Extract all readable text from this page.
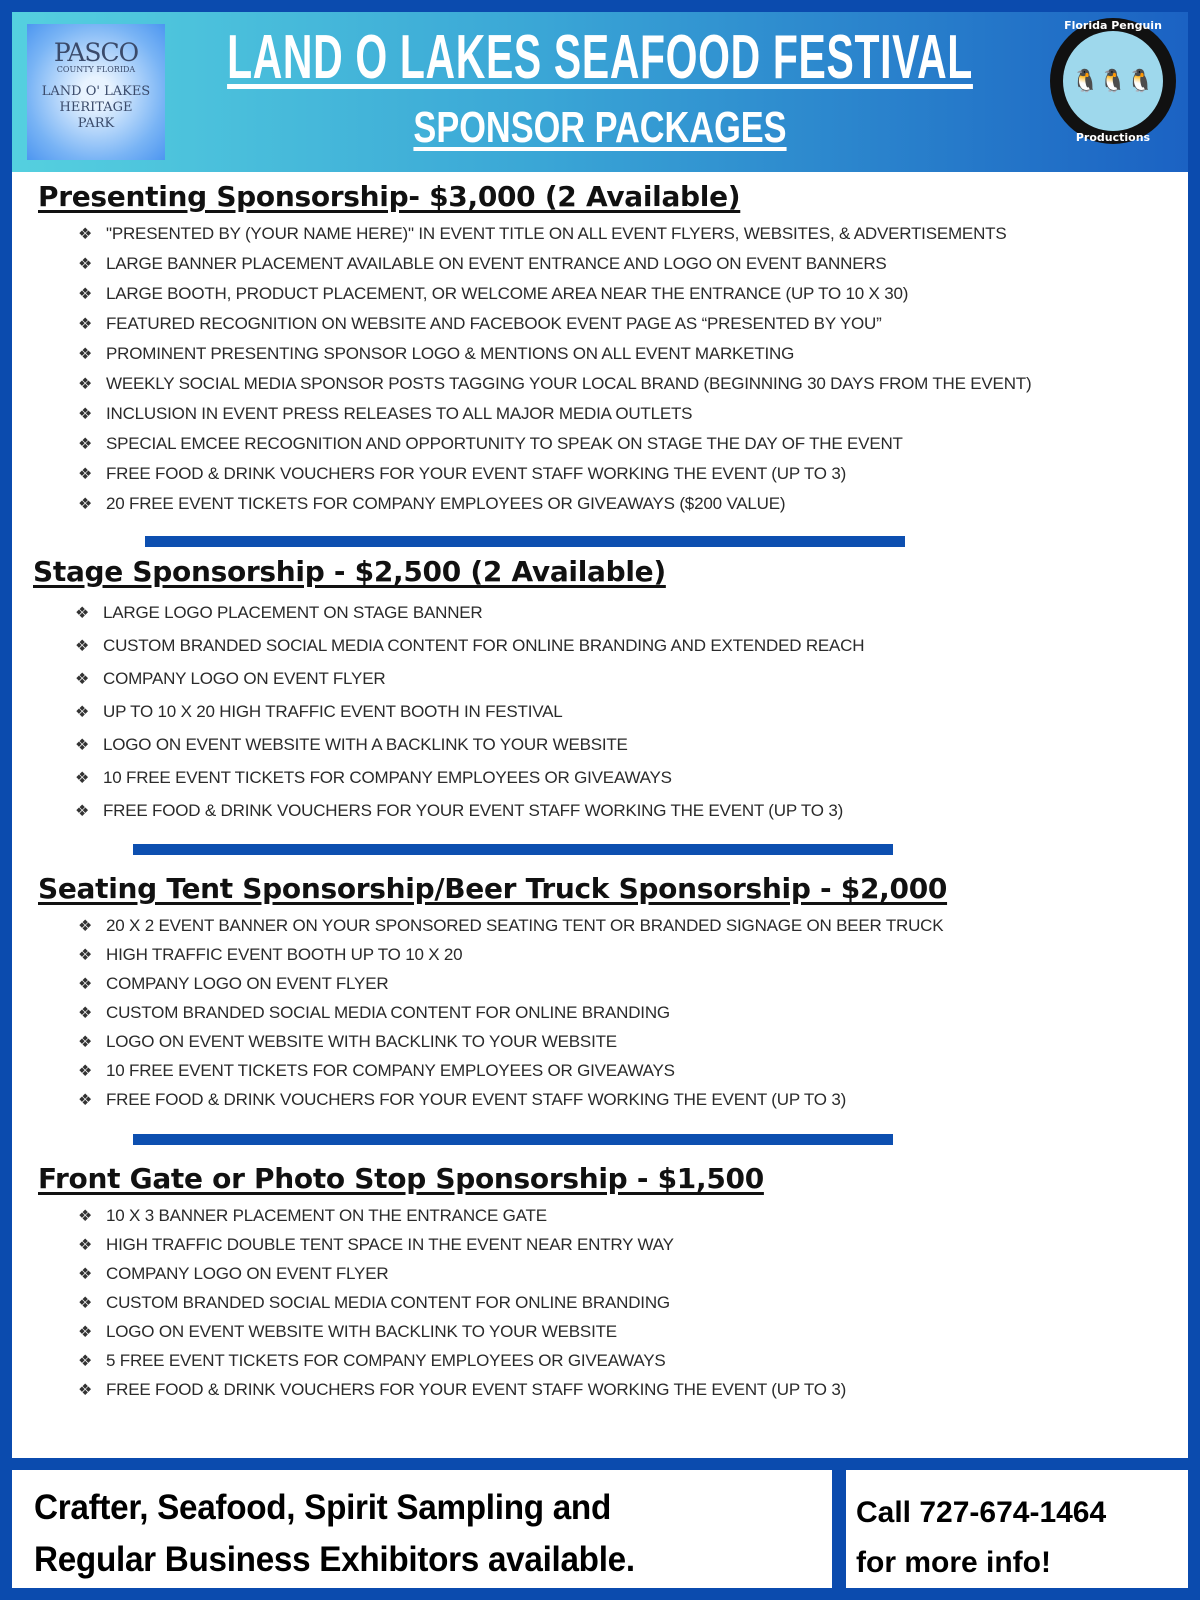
PASCO
COUNTY FLORIDA
LAND O' LAKES
HERITAGE
PARK
LAND O LAKES SEAFOOD FESTIVAL
SPONSOR PACKAGES
Florida Penguin
🐧🐧🐧
Productions
Presenting Sponsorship- $3,000 (2 Available)
❖ "PRESENTED BY (YOUR NAME HERE)" IN EVENT TITLE ON ALL EVENT FLYERS, WEBSITES, & ADVERTISEMENTS
❖ LARGE BANNER PLACEMENT AVAILABLE ON EVENT ENTRANCE AND LOGO ON EVENT BANNERS
❖ LARGE BOOTH, PRODUCT PLACEMENT, OR WELCOME AREA NEAR THE ENTRANCE (UP TO 10 X 30)
❖ FEATURED RECOGNITION ON WEBSITE AND FACEBOOK EVENT PAGE AS “PRESENTED BY YOU”
❖ PROMINENT PRESENTING SPONSOR LOGO & MENTIONS ON ALL EVENT MARKETING
❖ WEEKLY SOCIAL MEDIA SPONSOR POSTS TAGGING YOUR LOCAL BRAND (BEGINNING 30 DAYS FROM THE EVENT)
❖ INCLUSION IN EVENT PRESS RELEASES TO ALL MAJOR MEDIA OUTLETS
❖ SPECIAL EMCEE RECOGNITION AND OPPORTUNITY TO SPEAK ON STAGE THE DAY OF THE EVENT
❖ FREE FOOD & DRINK VOUCHERS FOR YOUR EVENT STAFF WORKING THE EVENT (UP TO 3)
❖ 20 FREE EVENT TICKETS FOR COMPANY EMPLOYEES OR GIVEAWAYS ($200 VALUE)
Stage Sponsorship - $2,500 (2 Available)
❖ LARGE LOGO PLACEMENT ON STAGE BANNER
❖ CUSTOM BRANDED SOCIAL MEDIA CONTENT FOR ONLINE BRANDING AND EXTENDED REACH
❖ COMPANY LOGO ON EVENT FLYER
❖ UP TO 10 X 20 HIGH TRAFFIC EVENT BOOTH IN FESTIVAL
❖ LOGO ON EVENT WEBSITE WITH A BACKLINK TO YOUR WEBSITE
❖ 10 FREE EVENT TICKETS FOR COMPANY EMPLOYEES OR GIVEAWAYS
❖ FREE FOOD & DRINK VOUCHERS FOR YOUR EVENT STAFF WORKING THE EVENT (UP TO 3)
Seating Tent Sponsorship/Beer Truck Sponsorship - $2,000
❖ 20 X 2 EVENT BANNER ON YOUR SPONSORED SEATING TENT OR BRANDED SIGNAGE ON BEER TRUCK
❖ HIGH TRAFFIC EVENT BOOTH UP TO 10 X 20
❖ COMPANY LOGO ON EVENT FLYER
❖ CUSTOM BRANDED SOCIAL MEDIA CONTENT FOR ONLINE BRANDING
❖ LOGO ON EVENT WEBSITE WITH BACKLINK TO YOUR WEBSITE
❖ 10 FREE EVENT TICKETS FOR COMPANY EMPLOYEES OR GIVEAWAYS
❖ FREE FOOD & DRINK VOUCHERS FOR YOUR EVENT STAFF WORKING THE EVENT (UP TO 3)
Front Gate or Photo Stop Sponsorship - $1,500
❖ 10 X 3 BANNER PLACEMENT ON THE ENTRANCE GATE
❖ HIGH TRAFFIC DOUBLE TENT SPACE IN THE EVENT NEAR ENTRY WAY
❖ COMPANY LOGO ON EVENT FLYER
❖ CUSTOM BRANDED SOCIAL MEDIA CONTENT FOR ONLINE BRANDING
❖ LOGO ON EVENT WEBSITE WITH BACKLINK TO YOUR WEBSITE
❖ 5 FREE EVENT TICKETS FOR COMPANY EMPLOYEES OR GIVEAWAYS
❖ FREE FOOD & DRINK VOUCHERS FOR YOUR EVENT STAFF WORKING THE EVENT (UP TO 3)
Crafter, Seafood, Spirit Sampling and
Regular Business Exhibitors available.
Call 727-674-1464
for more info!
